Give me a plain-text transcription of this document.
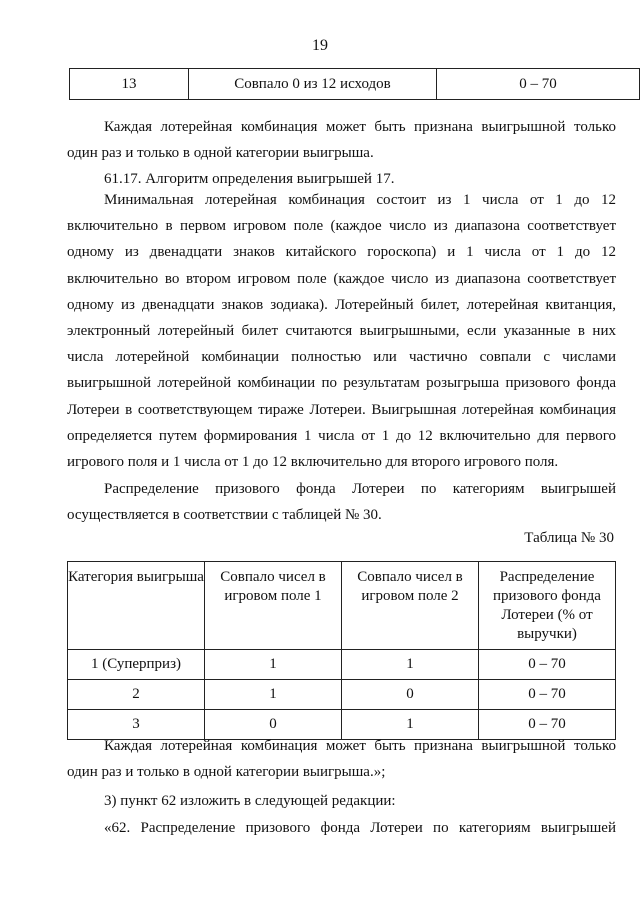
19
13	Совпало 0 из 12 исходов	0 – 70

Каждая лотерейная комбинация может быть признана выигрышной только один раз и только в одной категории выигрыша.

61.17. Алгоритм определения выигрышей 17.

Минимальная лотерейная комбинация состоит из 1 числа от 1 до 12 включительно в первом игровом поле (каждое число из диапазона соответствует одному из двенадцати знаков китайского гороскопа) и 1 числа от 1 до 12 включительно во втором игровом поле (каждое число из диапазона соответствует одному из двенадцати знаков зодиака). Лотерейный билет, лотерейная квитанция, электронный лотерейный билет считаются выигрышными, если указанные в них числа лотерейной комбинации полностью или частично совпали с числами выигрышной лотерейной комбинации по результатам розыгрыша призового фонда Лотереи в соответствующем тираже Лотереи. Выигрышная лотерейная комбинация определяется путем формирования 1 числа от 1 до 12 включительно для первого игрового поля и 1 числа от 1 до 12 включительно для второго игрового поля.

Распределение призового фонда Лотереи по категориям выигрышей осуществляется в соответствии с таблицей № 30.

Таблица № 30
Категория выигрыша	Совпало чисел в игровом поле 1	Совпало чисел в игровом поле 2	Распределение призового фонда Лотереи (% от выручки)
1 (Суперприз)	1	1	0 – 70
2	1	0	0 – 70
3	0	1	0 – 70

Каждая лотерейная комбинация может быть признана выигрышной только один раз и только в одной категории выигрыша.»;

3) пункт 62 изложить в следующей редакции:

«62. Распределение призового фонда Лотереи по категориям выигрышей
